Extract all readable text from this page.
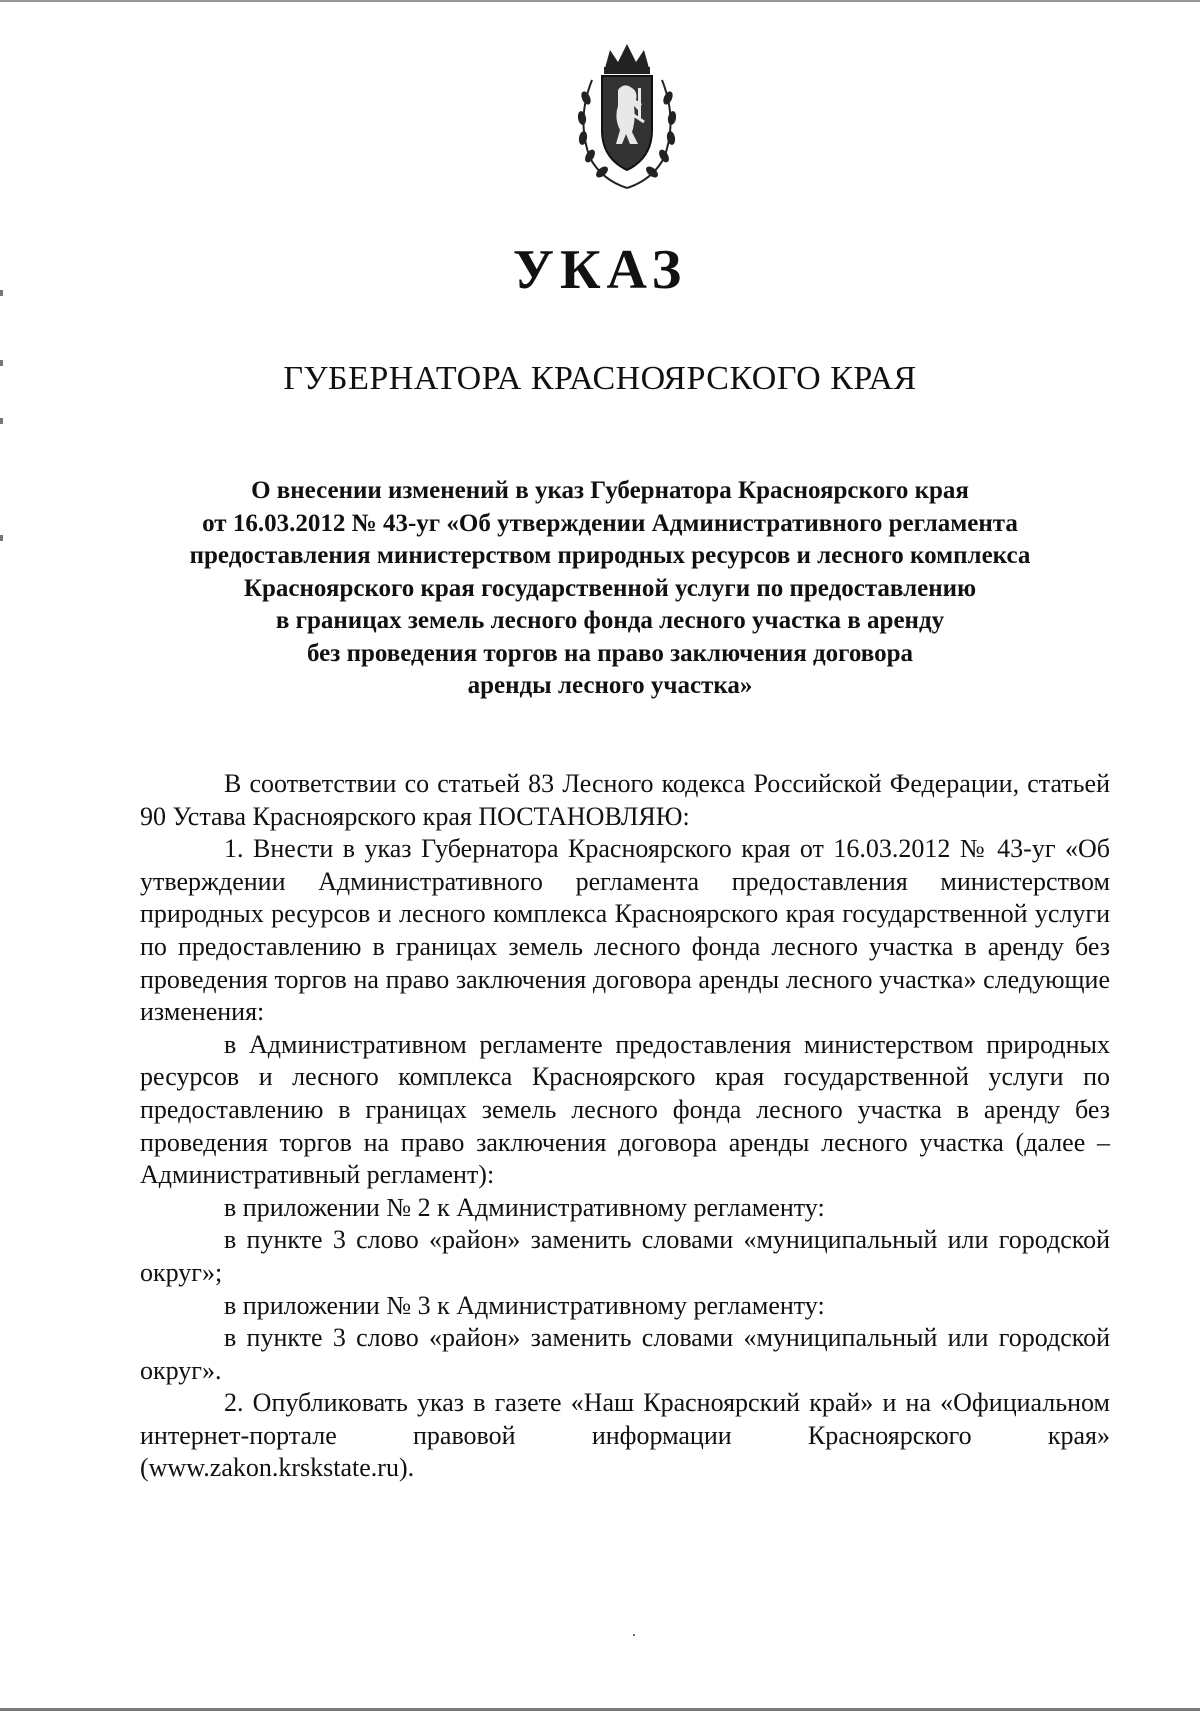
УКАЗ
ГУБЕРНАТОРА КРАСНОЯРСКОГО КРАЯ
О внесении изменений в указ Губернатора Красноярского края
от 16.03.2012 № 43-уг «Об утверждении Административного регламента
предоставления министерством природных ресурсов и лесного комплекса
Красноярского края государственной услуги по предоставлению
в границах земель лесного фонда лесного участка в аренду
без проведения торгов на право заключения договора
аренды лесного участка»

В соответствии со статьей 83 Лесного кодекса Российской Федерации, статьей 90 Устава Красноярского края ПОСТАНОВЛЯЮ:

1. Внести в указ Губернатора Красноярского края от 16.03.2012 № 43-уг «Об утверждении Административного регламента предоставления министерством природных ресурсов и лесного комплекса Красноярского края государственной услуги по предоставлению в границах земель лесного фонда лесного участка в аренду без проведения торгов на право заключения договора аренды лесного участка» следующие изменения:

в Административном регламенте предоставления министерством природных ресурсов и лесного комплекса Красноярского края государственной услуги по предоставлению в границах земель лесного фонда лесного участка в аренду без проведения торгов на право заключения договора аренды лесного участка (далее – Административный регламент):

в приложении № 2 к Административному регламенту:

в пункте 3 слово «район» заменить словами «муниципальный или городской округ»;

в приложении № 3 к Административному регламенту:

в пункте 3 слово «район» заменить словами «муниципальный или городской округ».

2. Опубликовать указ в газете «Наш Красноярский край» и на «Официальном интернет-портале правовой информации Красноярского края» (www.zakon.krskstate.ru).
